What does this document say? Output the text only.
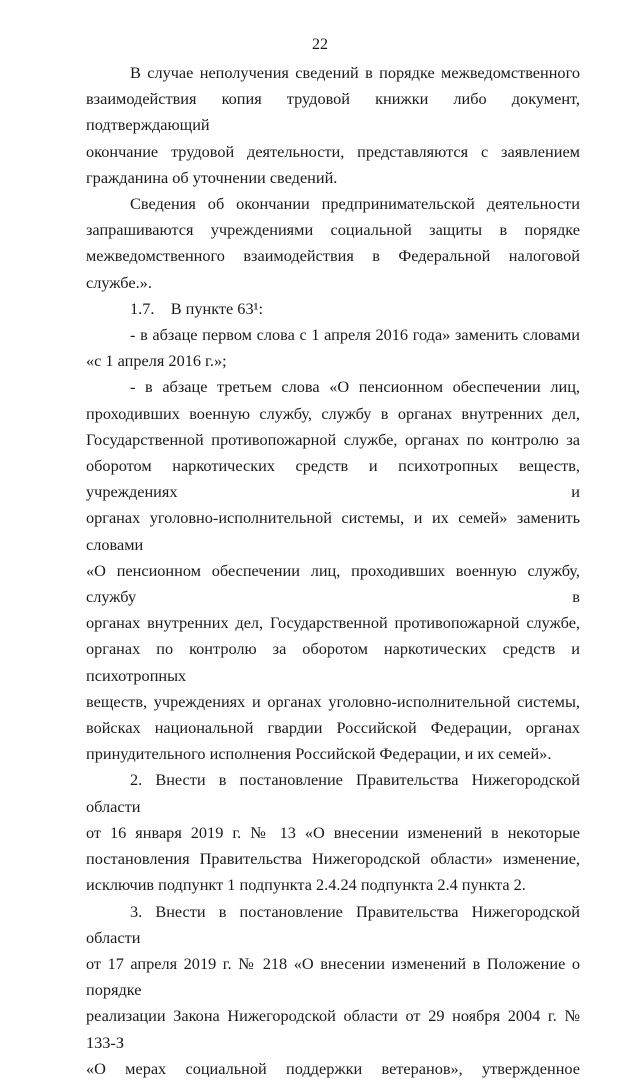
22

В случае неполучения сведений в порядке межведомственного

взаимодействия копия трудовой книжки либо документ, подтверждающий

окончание трудовой деятельности, представляются с заявлением

гражданина об уточнении сведений.

Сведения об окончании предпринимательской деятельности

запрашиваются учреждениями социальной защиты в порядке

межведомственного взаимодействия в Федеральной налоговой службе.».

1.7.    В пункте 63¹:

- в абзаце первом слова с 1 апреля 2016 года» заменить словами

«с 1 апреля 2016 г.»;

- в абзаце третьем слова «О пенсионном обеспечении лиц,

проходивших военную службу, службу в органах внутренних дел,

Государственной противопожарной службе, органах по контролю за

оборотом наркотических средств и психотропных веществ, учреждениях и

органах уголовно-исполнительной системы, и их семей» заменить словами

«О пенсионном обеспечении лиц, проходивших военную службу, службу в

органах внутренних дел, Государственной противопожарной службе,

органах по контролю за оборотом наркотических средств и психотропных

веществ, учреждениях и органах уголовно-исполнительной системы,

войсках национальной гвардии Российской Федерации, органах

принудительного исполнения Российской Федерации, и их семей».

2. Внести в постановление Правительства Нижегородской области

от 16 января 2019 г. № 13 «О внесении изменений в некоторые

постановления Правительства Нижегородской области» изменение,

исключив подпункт 1 подпункта 2.4.24 подпункта 2.4 пункта 2.

3. Внести в постановление Правительства Нижегородской области

от 17 апреля 2019 г. № 218 «О внесении изменений в Положение о порядке

реализации Закона Нижегородской области от 29 ноября 2004 г. № 133-З

«О мерах социальной поддержки ветеранов», утвержденное
